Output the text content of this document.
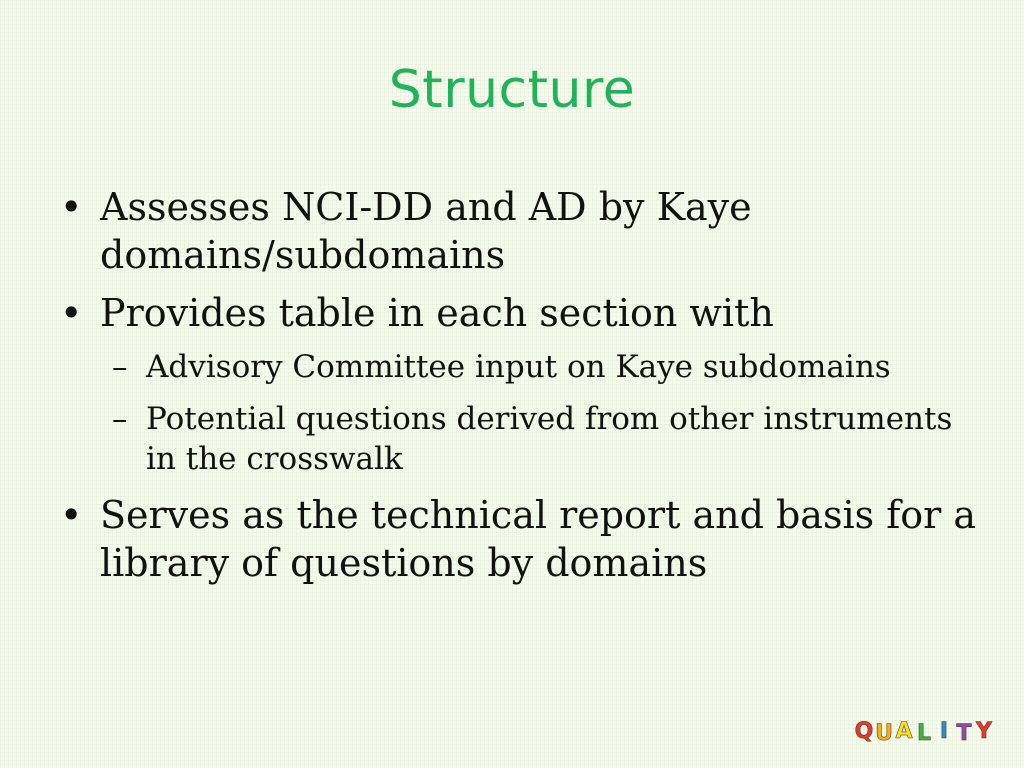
Structure
• Assesses NCI-DD and AD by Kaye domains/subdomains
• Provides table in each section with
– Advisory Committee input on Kaye subdomains
– Potential questions derived from other instruments in the crosswalk
• Serves as the technical report and basis for a library of questions by domains
Q U A L I T Y
